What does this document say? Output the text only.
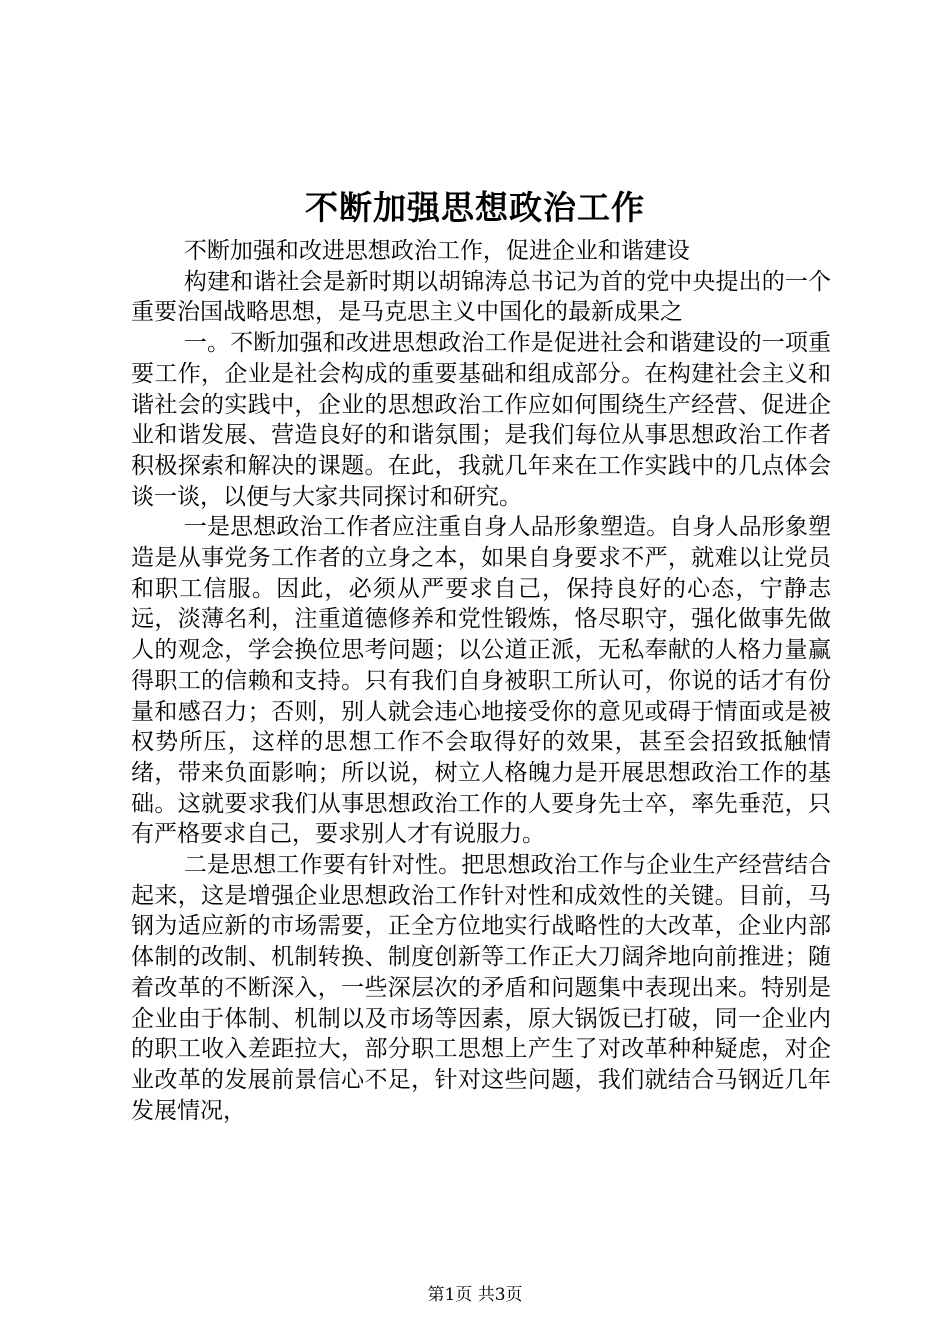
不断加强思想政治工作

不断加强和改进思想政治工作，促进企业和谐建设

构建和谐社会是新时期以胡锦涛总书记为首的党中央提出的一个重要治国战略思想，是马克思主义中国化的最新成果之

一。不断加强和改进思想政治工作是促进社会和谐建设的一项重要工作，企业是社会构成的重要基础和组成部分。在构建社会主义和谐社会的实践中，企业的思想政治工作应如何围绕生产经营、促进企业和谐发展、营造良好的和谐氛围；是我们每位从事思想政治工作者积极探索和解决的课题。在此，我就几年来在工作实践中的几点体会谈一谈，以便与大家共同探讨和研究。

一是思想政治工作者应注重自身人品形象塑造。自身人品形象塑造是从事党务工作者的立身之本，如果自身要求不严，就难以让党员和职工信服。因此，必须从严要求自己，保持良好的心态，宁静志远，淡薄名利，注重道德修养和党性锻炼，恪尽职守，强化做事先做人的观念，学会换位思考问题；以公道正派，无私奉献的人格力量赢得职工的信赖和支持。只有我们自身被职工所认可，你说的话才有份量和感召力；否则，别人就会违心地接受你的意见或碍于情面或是被权势所压，这样的思想工作不会取得好的效果，甚至会招致抵触情绪，带来负面影响；所以说，树立人格魄力是开展思想政治工作的基础。这就要求我们从事思想政治工作的人要身先士卒，率先垂范，只有严格要求自己，要求别人才有说服力。

二是思想工作要有针对性。把思想政治工作与企业生产经营结合起来，这是增强企业思想政治工作针对性和成效性的关键。目前，马钢为适应新的市场需要，正全方位地实行战略性的大改革，企业内部体制的改制、机制转换、制度创新等工作正大刀阔斧地向前推进；随着改革的不断深入，一些深层次的矛盾和问题集中表现出来。特别是企业由于体制、机制以及市场等因素，原大锅饭已打破，同一企业内的职工收入差距拉大，部分职工思想上产生了对改革种种疑虑，对企业改革的发展前景信心不足，针对这些问题，我们就结合马钢近几年发展情况，

第1页 共3页
